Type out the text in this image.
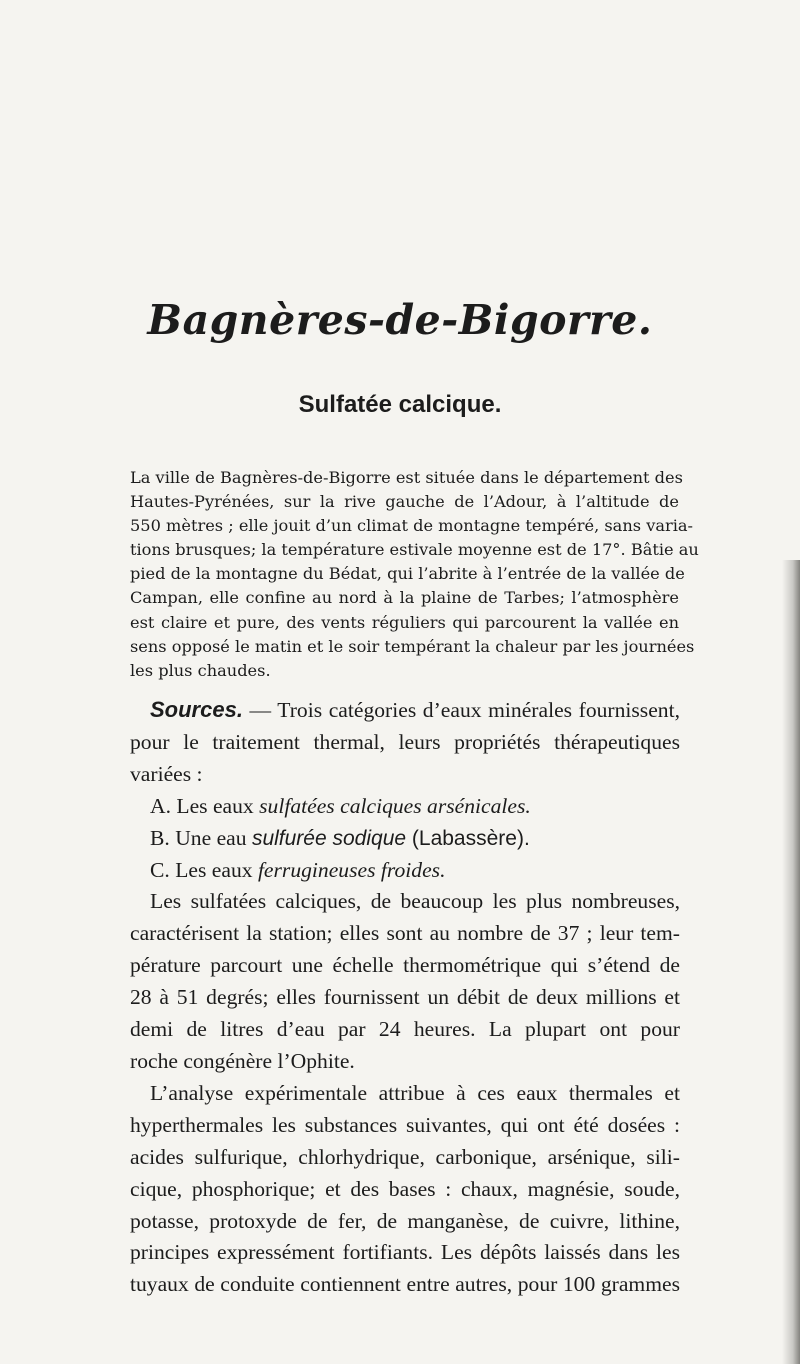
Bagnères-de-Bigorre.
Sulfatée calcique.
La ville de Bagnères-de-Bigorre est située dans le département des
Hautes-Pyrénées, sur la rive gauche de l’Adour, à l’altitude de
550 mètres ; elle jouit d’un climat de montagne tempéré, sans varia-
tions brusques; la température estivale moyenne est de 17°. Bâtie au
pied de la montagne du Bédat, qui l’abrite à l’entrée de la vallée de
Campan, elle confine au nord à la plaine de Tarbes; l’atmosphère
est claire et pure, des vents réguliers qui parcourent la vallée en
sens opposé le matin et le soir tempérant la chaleur par les journées
les plus chaudes.
Sources. — Trois catégories d’eaux minérales fournissent,
pour le traitement thermal, leurs propriétés thérapeutiques
variées :
A. Les eaux sulfatées calciques arsénicales.
B. Une eau sulfurée sodique (Labassère).
C. Les eaux ferrugineuses froides.
Les sulfatées calciques, de beaucoup les plus nombreuses,
caractérisent la station; elles sont au nombre de 37 ; leur tem-
pérature parcourt une échelle thermométrique qui s’étend de
28 à 51 degrés; elles fournissent un débit de deux millions et
demi de litres d’eau par 24 heures. La plupart ont pour
roche congénère l’Ophite.
L’analyse expérimentale attribue à ces eaux thermales et
hyperthermales les substances suivantes, qui ont été dosées :
acides sulfurique, chlorhydrique, carbonique, arsénique, sili-
cique, phosphorique; et des bases : chaux, magnésie, soude,
potasse, protoxyde de fer, de manganèse, de cuivre, lithine,
principes expressément fortifiants. Les dépôts laissés dans les
tuyaux de conduite contiennent entre autres, pour 100 grammes
